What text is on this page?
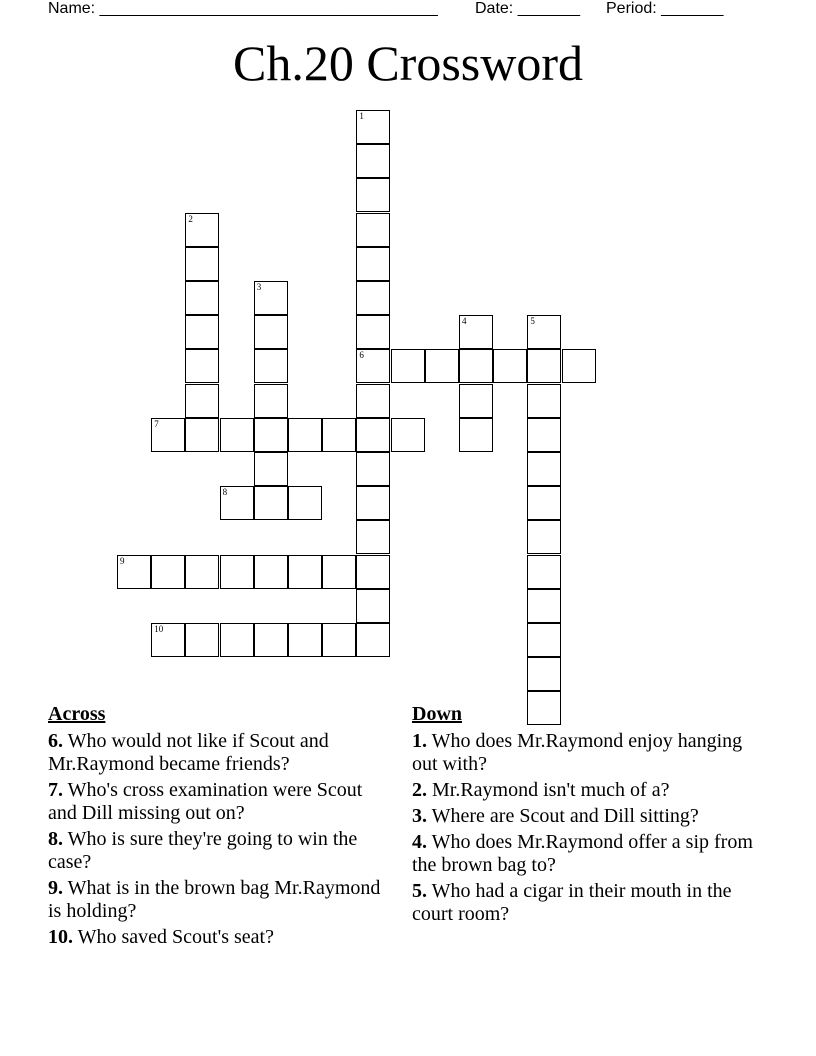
Name: ______________________________________ Date: _______ Period: _______
Ch.20 Crossword
1
6
2
3
4	5
7
8
9
10
Across
6. Who would not like if Scout and Mr.Raymond became friends?
7. Who's cross examination were Scout and Dill missing out on?
8. Who is sure they're going to win the case?
9. What is in the brown bag Mr.Raymond is holding?
10. Who saved Scout's seat?
Down
1. Who does Mr.Raymond enjoy hanging out with?
2. Mr.Raymond isn't much of a?
3. Where are Scout and Dill sitting?
4. Who does Mr.Raymond offer a sip from the brown bag to?
5. Who had a cigar in their mouth in the court room?
